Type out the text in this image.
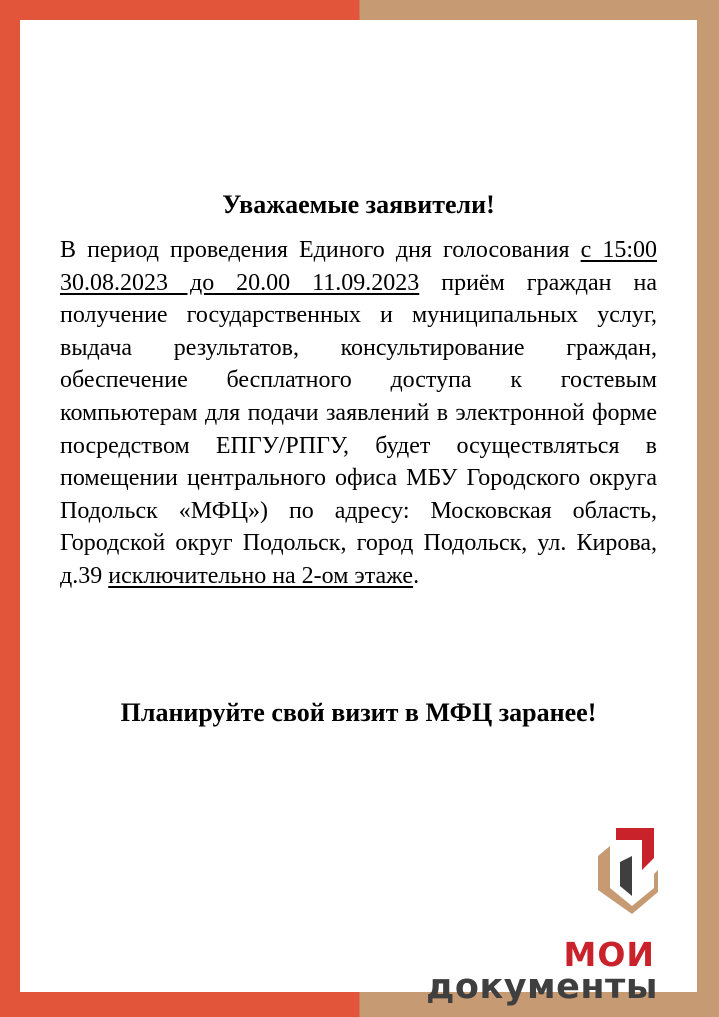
Уважаемые заявители!
В период проведения Единого дня голосования с 15:00 30.08.2023 до 20.00 11.09.2023 приём граждан на получение государственных и муниципальных услуг, выдача результатов, консультирование граждан, обеспечение бесплатного доступа к гостевым компьютерам для подачи заявлений в электронной форме посредством ЕПГУ/РПГУ, будет осуществляться в помещении центрального офиса МБУ Городского округа Подольск «МФЦ») по адресу: Московская область, Городской округ Подольск, город Подольск, ул. Кирова, д.39 исключительно на 2-ом этаже.
Планируйте свой визит в МФЦ заранее!
МОИ
документы
